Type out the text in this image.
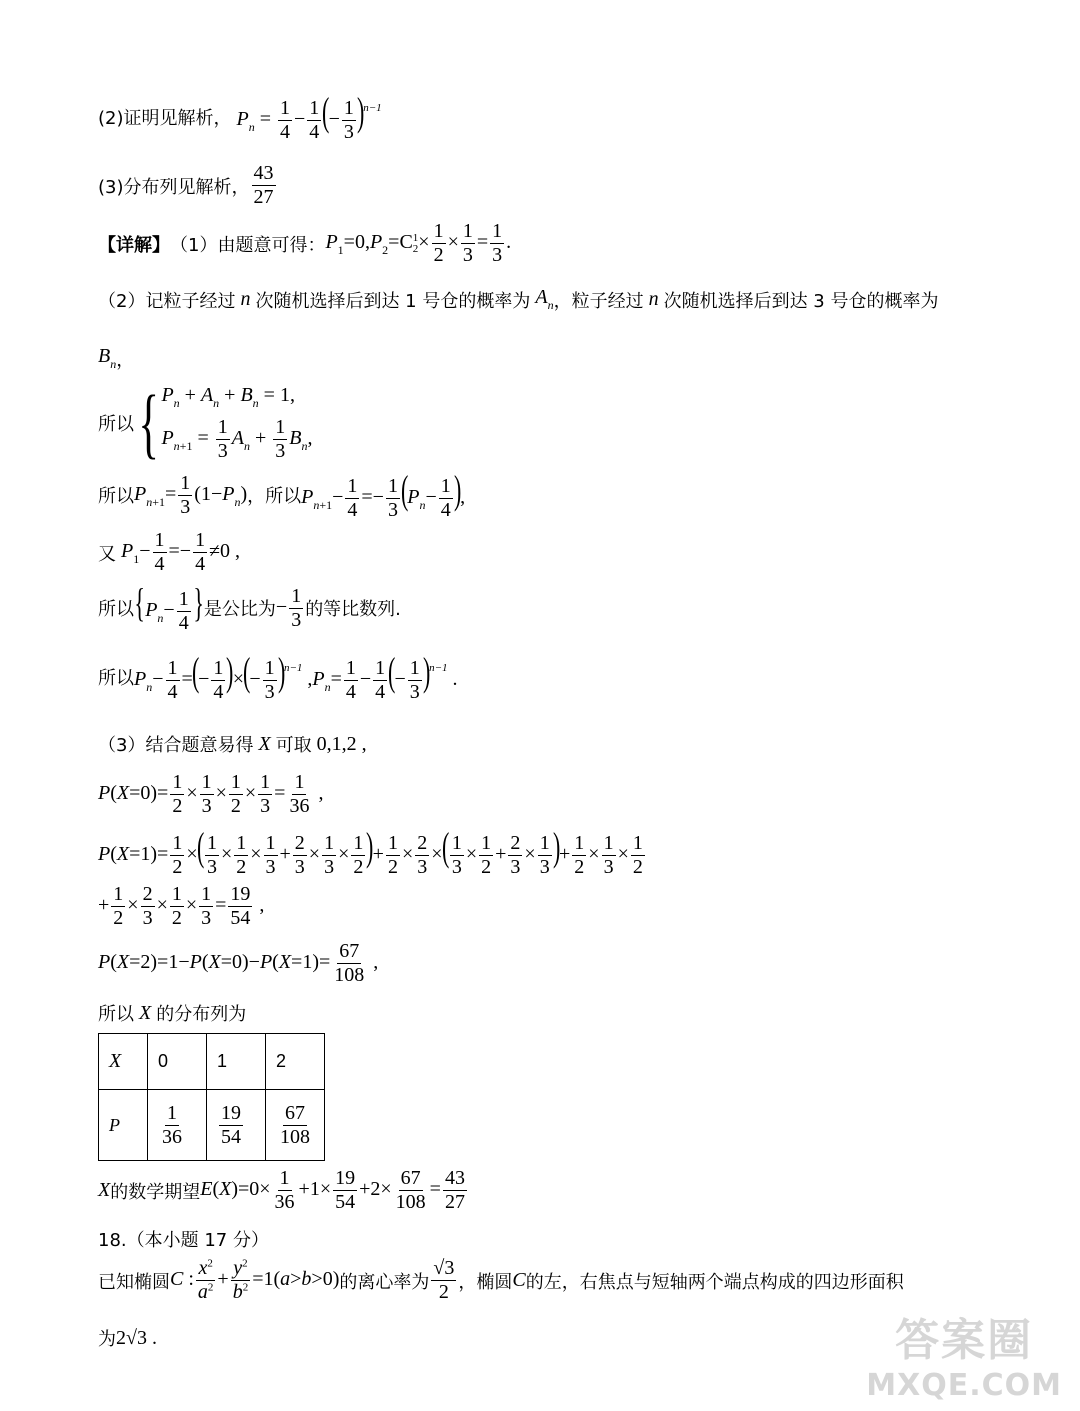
(2)证明见解析， $P_n = \frac{1}{4} - \frac{1}{4}$ (− $\frac{1}{3} )^{n-1}$
(3)分布列见解析， $\frac{43}{27}$
【详解】 （1）由题意可得： $P_1=0,P_2=C$ 1
$2 \times \frac{1}{2} \times \frac{1}{3} = \frac{1}{3}$ .
（2）记粒子经过 n 次随机选择后到达 1 号仓的概率为 $A_n$ ，粒子经过 n 次随机选择后到达 3 号仓的概率为
$B_n$ ，
所以 { $P_n + A_n + B_n = 1$,
$P_{n+1} = \frac{1}{3} A_n + \frac{1}{3} B_n$,
所以 $P_{n+1}= \frac{1}{3} (1-P_n)$ ，所以 $P_{n+1}- \frac{1}{4} =- \frac{1}{3} (P_n- \frac{1}{4}$ ),
又 $P_1- \frac{1}{4} =- \frac{1}{4} \ne 0$ ,
所以 {$P_n- \frac{1}{4}$ } 是公比为 − $\frac{1}{3}$ 的等比数列.
所以 $P_n- \frac{1}{4}$ =(− $\frac{1}{4}$ )×(− $\frac{1}{3} )^{n-1}$ $,P_n= \frac{1}{4} - \frac{1}{4}$ (− $\frac{1}{3} )^{n-1}$ .
（3）结合题意易得 X 可取 0,1,2 ,
$P(X=0)= \frac{1}{2} \times \frac{1}{3} \times \frac{1}{2} \times \frac{1}{3} = \frac{1}{36}$ ,
$P(X=1)= \frac{1}{2}$ ×( $\frac{1}{3} \times \frac{1}{2} \times \frac{1}{3} + \frac{2}{3} \times \frac{1}{3} \times \frac{1}{2}$ )+ $\frac{1}{2} \times \frac{2}{3}$ ×( $\frac{1}{3} \times \frac{1}{2} + \frac{2}{3} \times \frac{1}{3}$ )+ $\frac{1}{2} \times \frac{1}{3} \times \frac{1}{2}$
+ $\frac{1}{2} \times \frac{2}{3} \times \frac{1}{2} \times \frac{1}{3} = \frac{19}{54}$ ,
$P(X=2)=1-P(X=0)-P(X=1)= \frac{67}{108}$ ,
所以 X 的分布列为
X	0	1	2
P	$\frac{1}{36}$	$\frac{19}{54}$	$\frac{67}{108}$
X 的数学期望 $E(X)=0\times \frac{1}{36} +1\times \frac{19}{54} +2\times \frac{67}{108} = \frac{43}{27}$
18.（本小题 17 分）
已知椭圆 C : $\frac{x^2}{a^2} + \frac{y^2}{b^2} =1(a>b>0)$ 的离心率为 $\frac{√3}{2}$ ，椭圆 C 的左，右焦点与短轴两个端点构成的四边形面积
为 2√3 .	答案圈
MXQE.COM
